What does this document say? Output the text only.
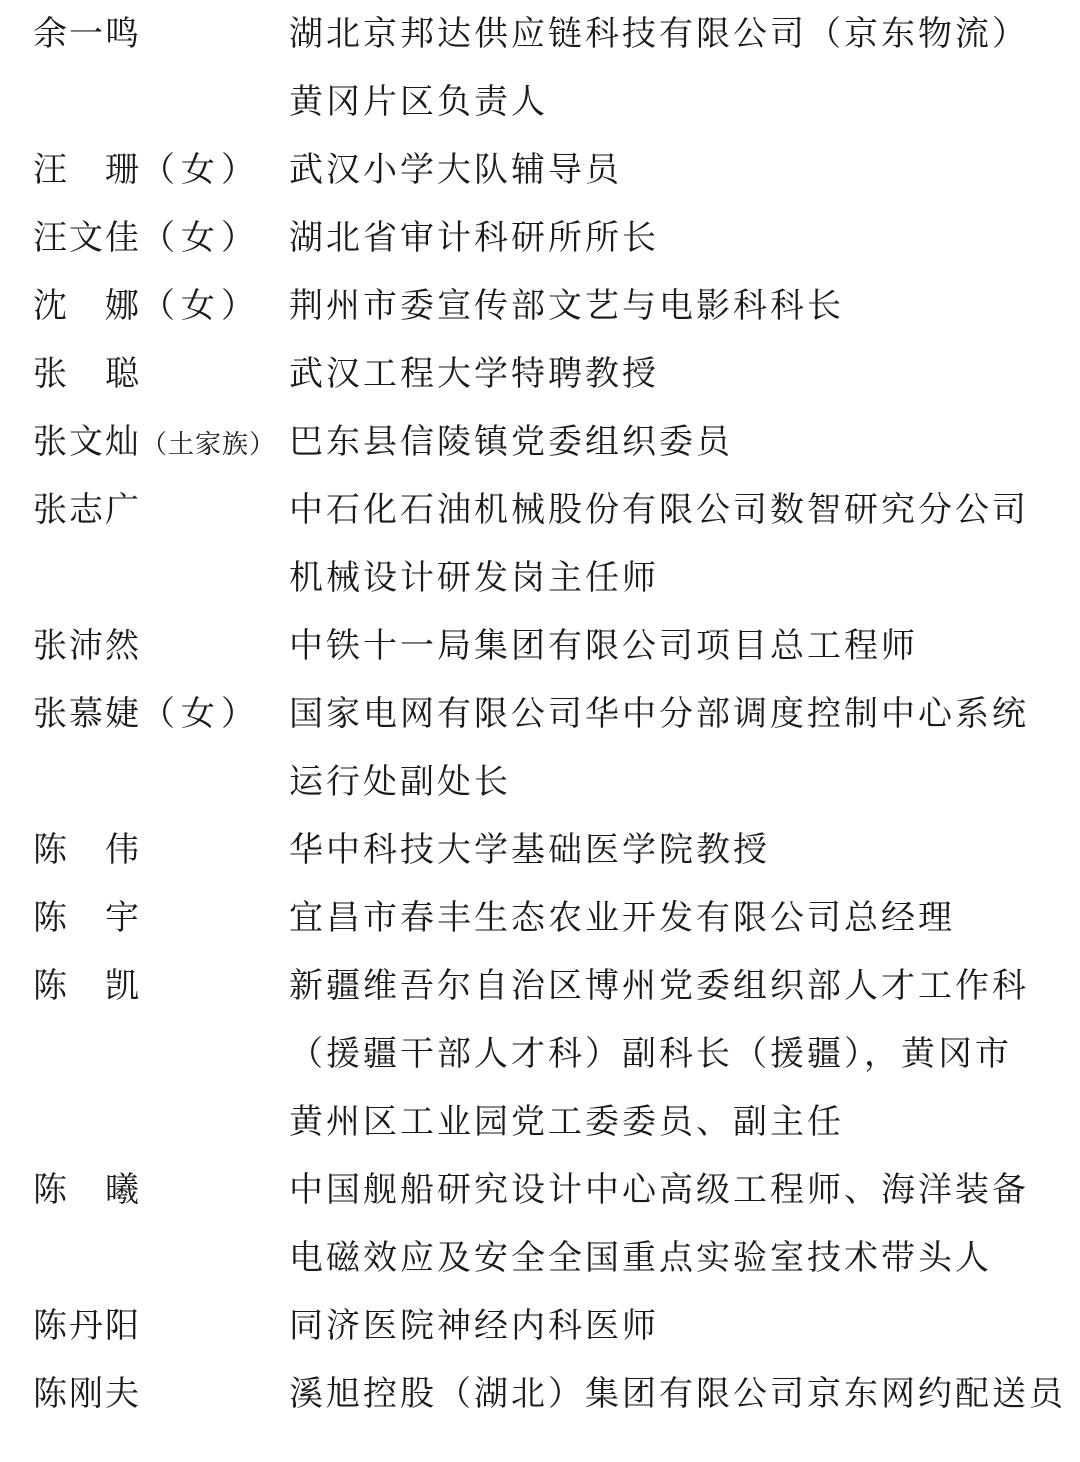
余一鸣	湖北京邦达供应链科技有限公司（京东物流）
黄冈片区负责人
汪　珊（女） 武汉小学大队辅导员
汪文佳（女） 湖北省审计科研所所长
沈　娜（女） 荆州市委宣传部文艺与电影科科长
张　聪	武汉工程大学特聘教授
张文灿（土家族） 巴东县信陵镇党委组织委员
张志广	中石化石油机械股份有限公司数智研究分公司
机械设计研发岗主任师
张沛然	中铁十一局集团有限公司项目总工程师
张慕婕（女） 国家电网有限公司华中分部调度控制中心系统
运行处副处长
陈　伟	华中科技大学基础医学院教授
陈　宇	宜昌市春丰生态农业开发有限公司总经理
陈　凯	新疆维吾尔自治区博州党委组织部人才工作科
（援疆干部人才科）副科长（援疆），黄冈市
黄州区工业园党工委委员、副主任
陈　曦	中国舰船研究设计中心高级工程师、海洋装备
电磁效应及安全全国重点实验室技术带头人
陈丹阳	同济医院神经内科医师
陈刚夫	溪旭控股（湖北）集团有限公司京东网约配送员
